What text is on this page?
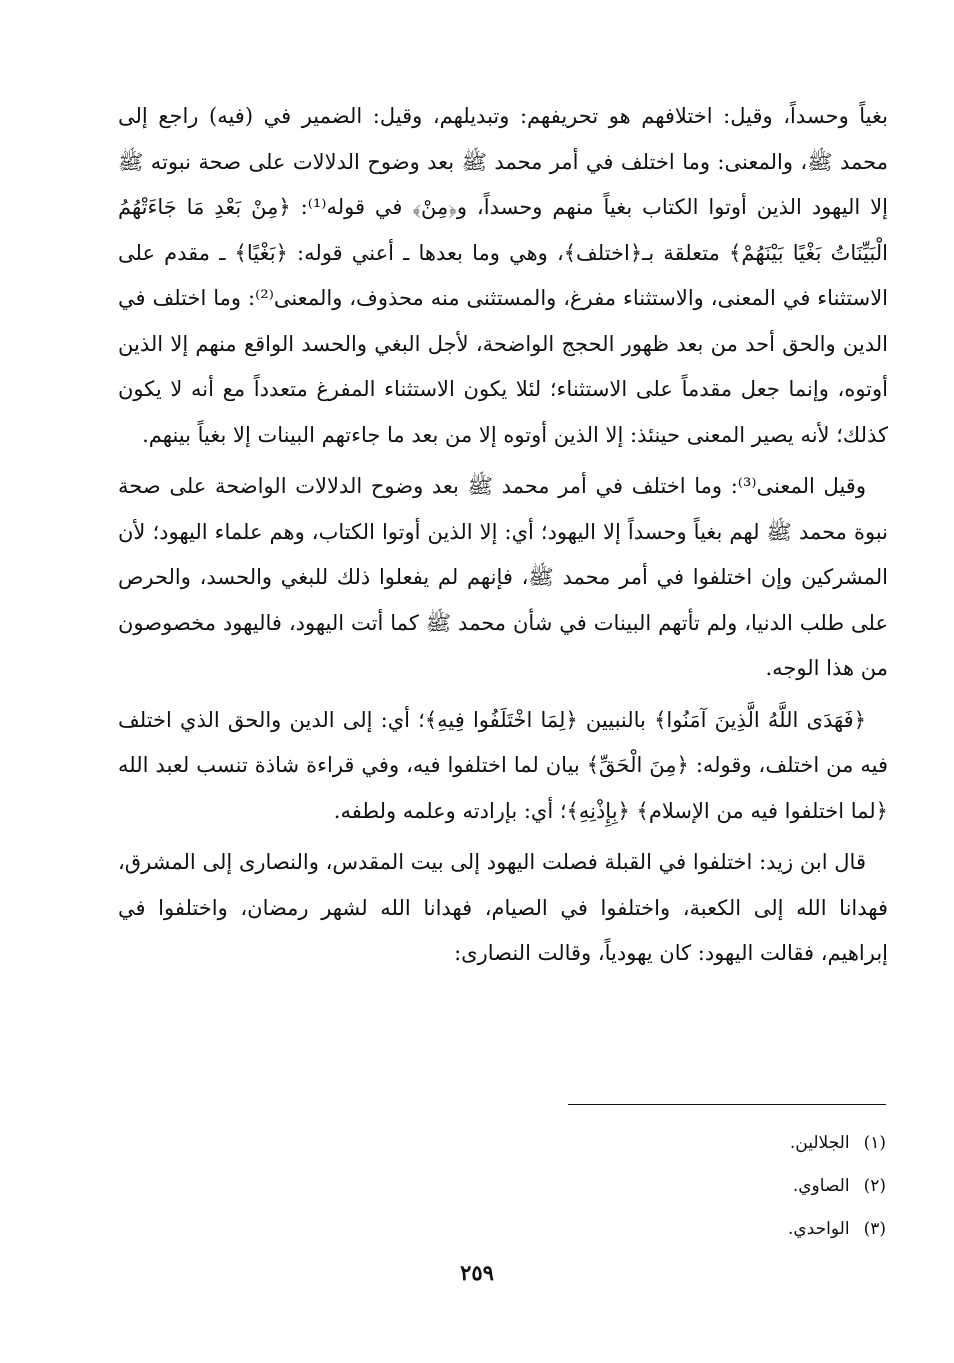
بغياً وحسداً، وقيل: اختلافهم هو تحريفهم: وتبديلهم، وقيل: الضمير في (فيه) راجع إلى محمد ﷺ، والمعنى: وما اختلف في أمر محمد ﷺ بعد وضوح الدلالات على صحة نبوته ﷺ إلا اليهود الذين أوتوا الكتاب بغياً منهم وحسداً، و﴿مِنْ﴾ في قوله⁽¹⁾: ﴿مِنْ بَعْدِ مَا جَاءَتْهُمُ الْبَيِّنَاتُ بَغْيًا بَيْنَهُمْ﴾ متعلقة بـ﴿اختلف﴾، وهي وما بعدها ـ أعني قوله: ﴿بَغْيًا﴾ ـ مقدم على الاستثناء في المعنى، والاستثناء مفرغ، والمستثنى منه محذوف، والمعنى⁽²⁾: وما اختلف في الدين والحق أحد من بعد ظهور الحجج الواضحة، لأجل البغي والحسد الواقع منهم إلا الذين أوتوه، وإنما جعل مقدماً على الاستثناء؛ لئلا يكون الاستثناء المفرغ متعدداً مع أنه لا يكون كذلك؛ لأنه يصير المعنى حينئذ: إلا الذين أوتوه إلا من بعد ما جاءتهم البينات إلا بغياً بينهم.

وقيل المعنى⁽³⁾: وما اختلف في أمر محمد ﷺ بعد وضوح الدلالات الواضحة على صحة نبوة محمد ﷺ لهم بغياً وحسداً إلا اليهود؛ أي: إلا الذين أوتوا الكتاب، وهم علماء اليهود؛ لأن المشركين وإن اختلفوا في أمر محمد ﷺ، فإنهم لم يفعلوا ذلك للبغي والحسد، والحرص على طلب الدنيا، ولم تأتهم البينات في شأن محمد ﷺ كما أتت اليهود، فاليهود مخصوصون من هذا الوجه.

﴿فَهَدَى اللَّهُ الَّذِينَ آمَنُوا﴾ بالنبيين ﴿لِمَا اخْتَلَفُوا فِيهِ﴾؛ أي: إلى الدين والحق الذي اختلف فيه من اختلف، وقوله: ﴿مِنَ الْحَقِّ﴾ بيان لما اختلفوا فيه، وفي قراءة شاذة تنسب لعبد الله ﴿لما اختلفوا فيه من الإسلام﴾ ﴿بِإِذْنِهِ﴾؛ أي: بإرادته وعلمه ولطفه.

قال ابن زيد: اختلفوا في القبلة فصلت اليهود إلى بيت المقدس، والنصارى إلى المشرق، فهدانا الله إلى الكعبة، واختلفوا في الصيام، فهدانا الله لشهر رمضان، واختلفوا في إبراهيم، فقالت اليهود: كان يهودياً، وقالت النصارى:

(١)الجلالين.
(٢)الصاوي.
(٣)الواحدي.
٢٥٩
